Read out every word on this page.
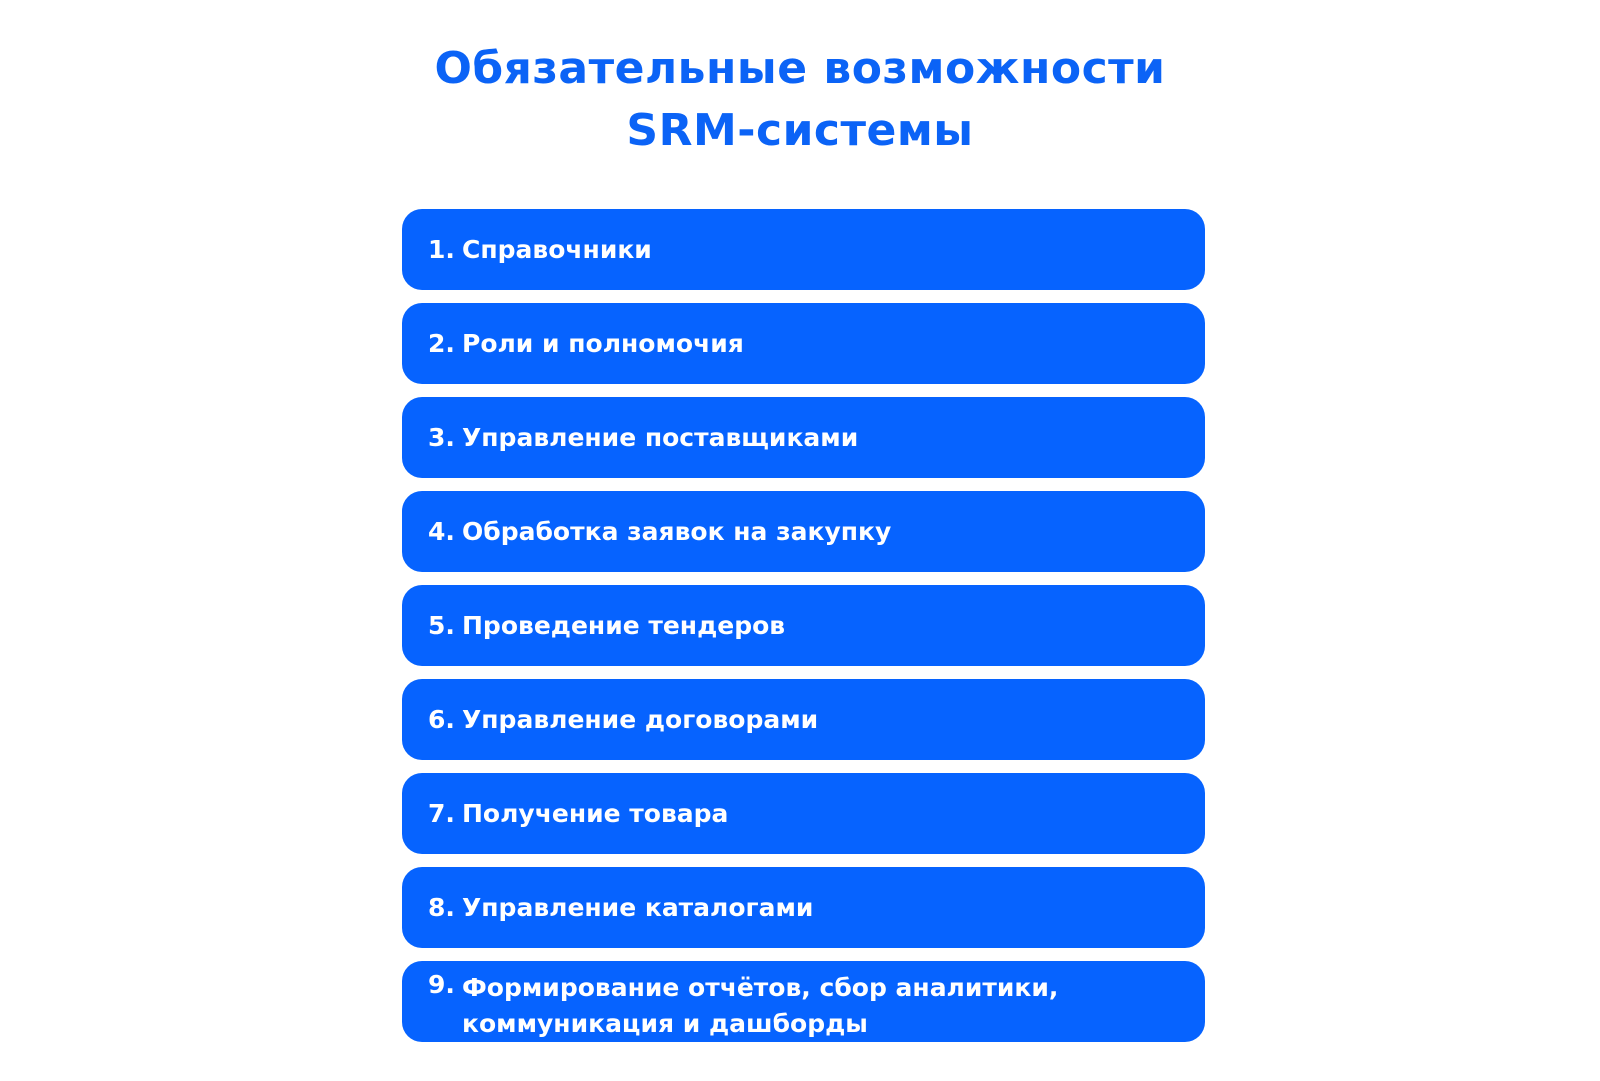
Обязательные возможности
SRM-системы
1. Справочники
2. Роли и полномочия
3. Управление поставщиками
4. Обработка заявок на закупку
5. Проведение тендеров
6. Управление договорами
7. Получение товара
8. Управление каталогами
9. Формирование отчётов, сбор аналитики,
коммуникация и дашборды
